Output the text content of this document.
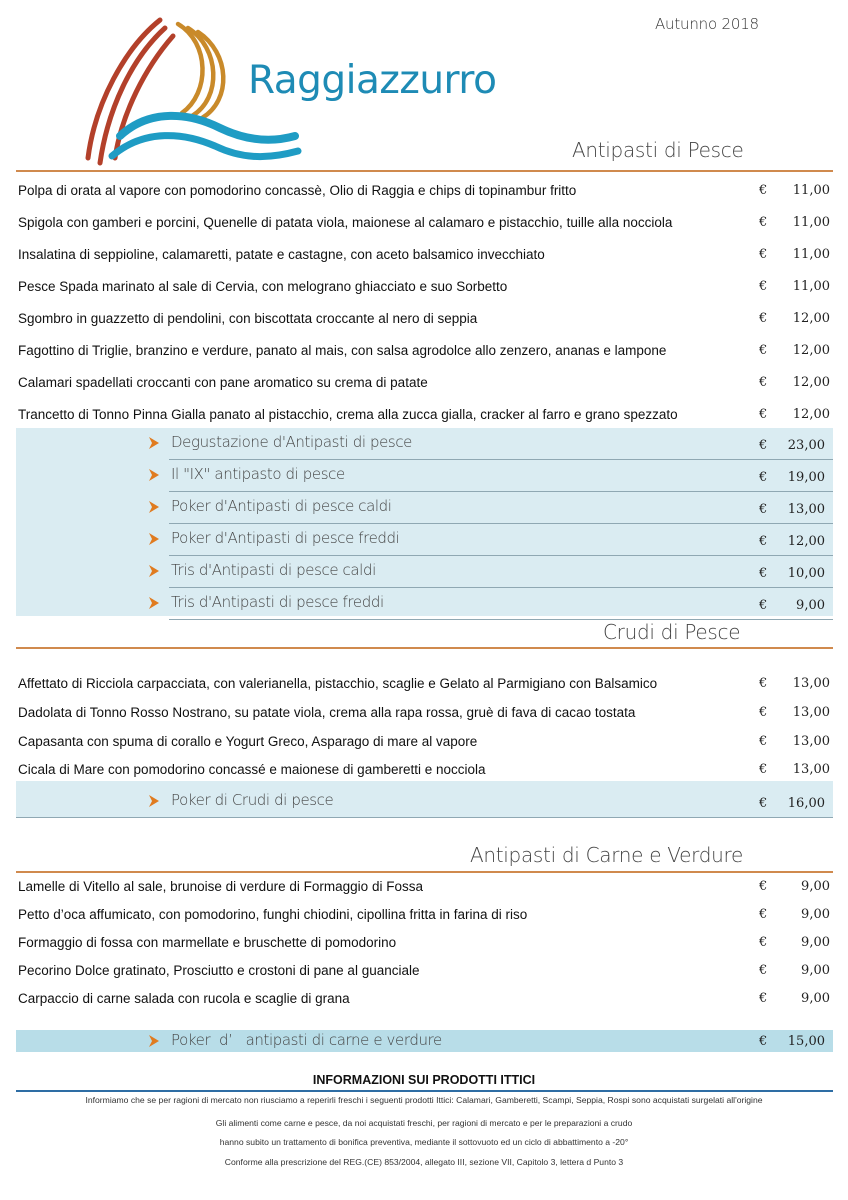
Autunno 2018
Raggiazzurro
Antipasti di Pesce
Polpa di orata al vapore con pomodorino concassè, Olio di Raggia e chips di topinambur fritto	€	11,00
Spigola con gamberi e porcini, Quenelle di patata viola, maionese al calamaro e pistacchio, tuille alla nocciola	€	11,00
Insalatina di seppioline, calamaretti, patate e castagne, con aceto balsamico invecchiato	€	11,00
Pesce Spada marinato al sale di Cervia, con melograno ghiacciato e suo Sorbetto	€	11,00
Sgombro in guazzetto di pendolini, con biscottata croccante al nero di seppia	€	12,00
Fagottino di Triglie, branzino e verdure, panato al mais, con salsa agrodolce allo zenzero, ananas e lampone	€	12,00
Calamari spadellati croccanti con pane aromatico su crema di patate	€	12,00
Trancetto di Tonno Pinna Gialla panato al pistacchio, crema alla zucca gialla, cracker al farro e grano spezzato	€	12,00
Degustazione d'Antipasti di pesce	€	23,00
Il "IX" antipasto di pesce	€	19,00
Poker d'Antipasti di pesce caldi	€	13,00
Poker d'Antipasti di pesce freddi	€	12,00
Tris d'Antipasti di pesce caldi	€	10,00
Tris d'Antipasti di pesce freddi	€	9,00
Crudi di Pesce
Affettato di Ricciola carpacciata, con valerianella, pistacchio, scaglie e Gelato al Parmigiano con Balsamico	€	13,00
Dadolata di Tonno Rosso Nostrano, su patate viola, crema alla rapa rossa, gruè di fava di cacao tostata	€	13,00
Capasanta con spuma di corallo e Yogurt Greco, Asparago di mare al vapore	€	13,00
Cicala di Mare con pomodorino concassé e maionese di gamberetti e nocciola	€	13,00
Poker di Crudi di pesce	€	16,00
Antipasti di Carne e Verdure
Lamelle di Vitello al sale, brunoise di verdure di Formaggio di Fossa	€	9,00
Petto d’oca affumicato, con pomodorino, funghi chiodini, cipollina fritta in farina di riso	€	9,00
Formaggio di fossa con marmellate e bruschette di pomodorino	€	9,00
Pecorino Dolce gratinato, Prosciutto e crostoni di pane al guanciale	€	9,00
Carpaccio di carne salada con rucola e scaglie di grana	€	9,00
Poker  d’   antipasti di carne e verdure	€	15,00
INFORMAZIONI SUI PRODOTTI ITTICI
Informiamo che se per ragioni di mercato non riusciamo a reperirli freschi i seguenti prodotti Ittici: Calamari, Gamberetti, Scampi, Seppia, Rospi sono acquistati surgelati all'origine
Gli alimenti come carne e pesce, da noi acquistati freschi, per ragioni di mercato e per le preparazioni a crudo
hanno subito un trattamento di bonifica preventiva, mediante il sottovuoto ed un ciclo di abbattimento a -20°
Conforme alla prescrizione del REG.(CE) 853/2004, allegato III, sezione VII, Capitolo 3, lettera d Punto 3
